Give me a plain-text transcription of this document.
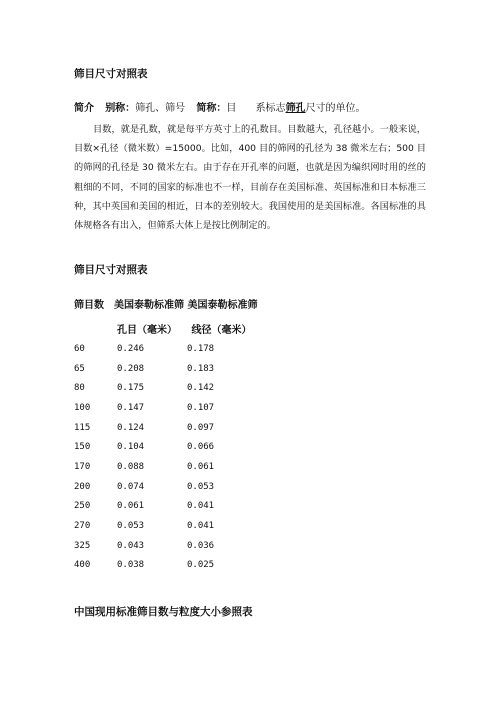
筛目尺寸对照表
简介 别称：筛孔、筛号 简称：目 系标志筛孔尺寸的单位。
目数，就是孔数，就是每平方英寸上的孔数目。目数越大，孔径越小。一般来说，目数×孔径（微米数）=15000。比如，400 目的筛网的孔径为 38 微米左右；500 目的筛网的孔径是 30 微米左右。由于存在开孔率的问题，也就是因为编织网时用的丝的粗细的不同，不同的国家的标准也不一样，目前存在美国标准、英国标准和日本标准三种，其中英国和美国的相近，日本的差别较大。我国使用的是美国标准。各国标准的具体规格各有出入，但筛系大体上是按比例制定的。
筛目尺寸对照表
筛目数　美国泰勒标准筛 美国泰勒标准筛
孔目（毫米） 线径（毫米）
60	0.246	0.178
65	0.208	0.183
80	0.175	0.142
100	0.147	0.107
115	0.124	0.097
150	0.104	0.066
170	0.088	0.061
200	0.074	0.053
250	0.061	0.041
270	0.053	0.041
325	0.043	0.036
400	0.038	0.025
中国现用标准筛目数与粒度大小参照表
